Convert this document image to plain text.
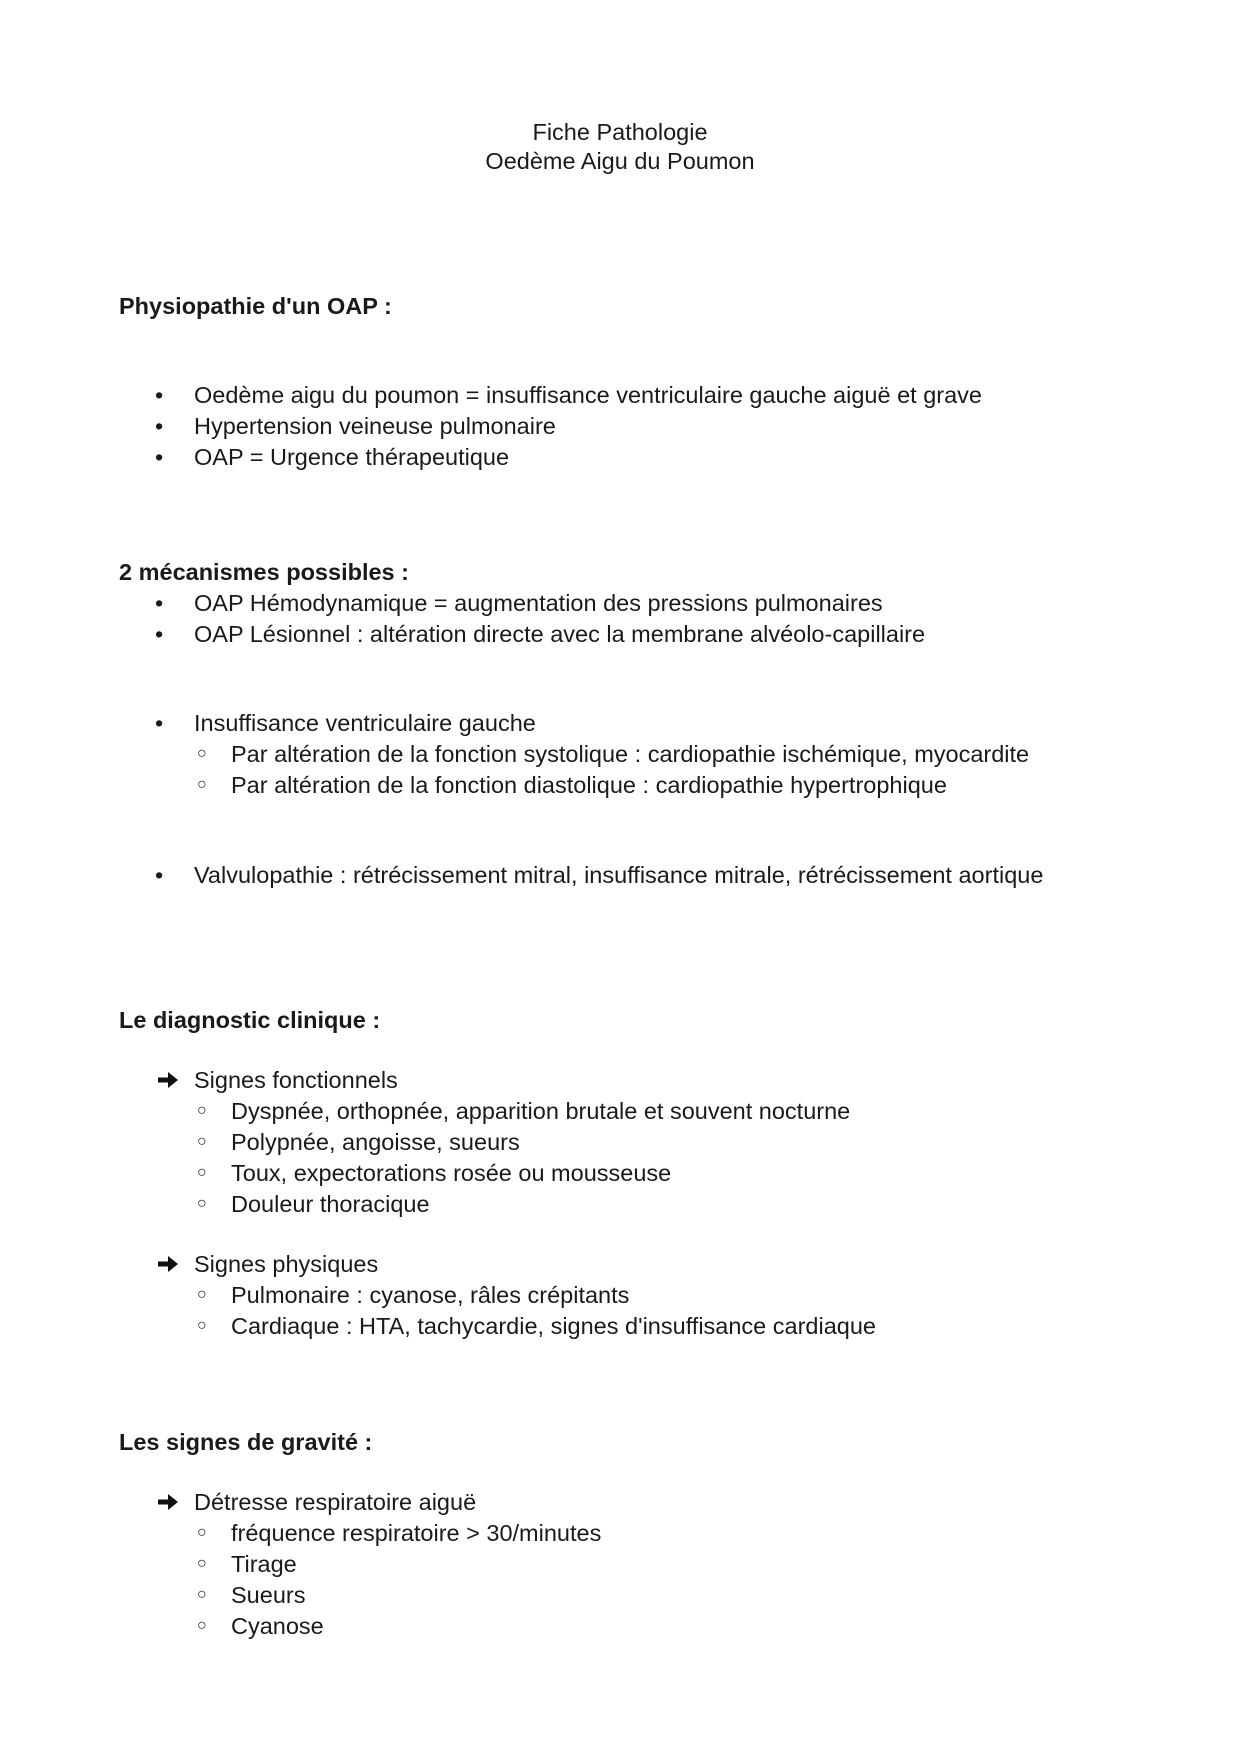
Fiche Pathologie
Oedème Aigu du Poumon
Physiopathie d'un OAP :
• Oedème aigu du poumon = insuffisance ventriculaire gauche aiguë et grave
• Hypertension veineuse pulmonaire
• OAP = Urgence thérapeutique
2 mécanismes possibles :
• OAP Hémodynamique = augmentation des pressions pulmonaires
• OAP Lésionnel : altération directe avec la membrane alvéolo-capillaire
• Insuffisance ventriculaire gauche
○ Par altération de la fonction systolique : cardiopathie ischémique, myocardite
○ Par altération de la fonction diastolique : cardiopathie hypertrophique
• Valvulopathie : rétrécissement mitral, insuffisance mitrale, rétrécissement aortique
Le diagnostic clinique :
Signes fonctionnels
○ Dyspnée, orthopnée, apparition brutale et souvent nocturne
○ Polypnée, angoisse, sueurs
○ Toux, expectorations rosée ou mousseuse
○ Douleur thoracique
Signes physiques
○ Pulmonaire : cyanose, râles crépitants
○ Cardiaque : HTA, tachycardie, signes d'insuffisance cardiaque
Les signes de gravité :
Détresse respiratoire aiguë
○ fréquence respiratoire > 30/minutes
○ Tirage
○ Sueurs
○ Cyanose
